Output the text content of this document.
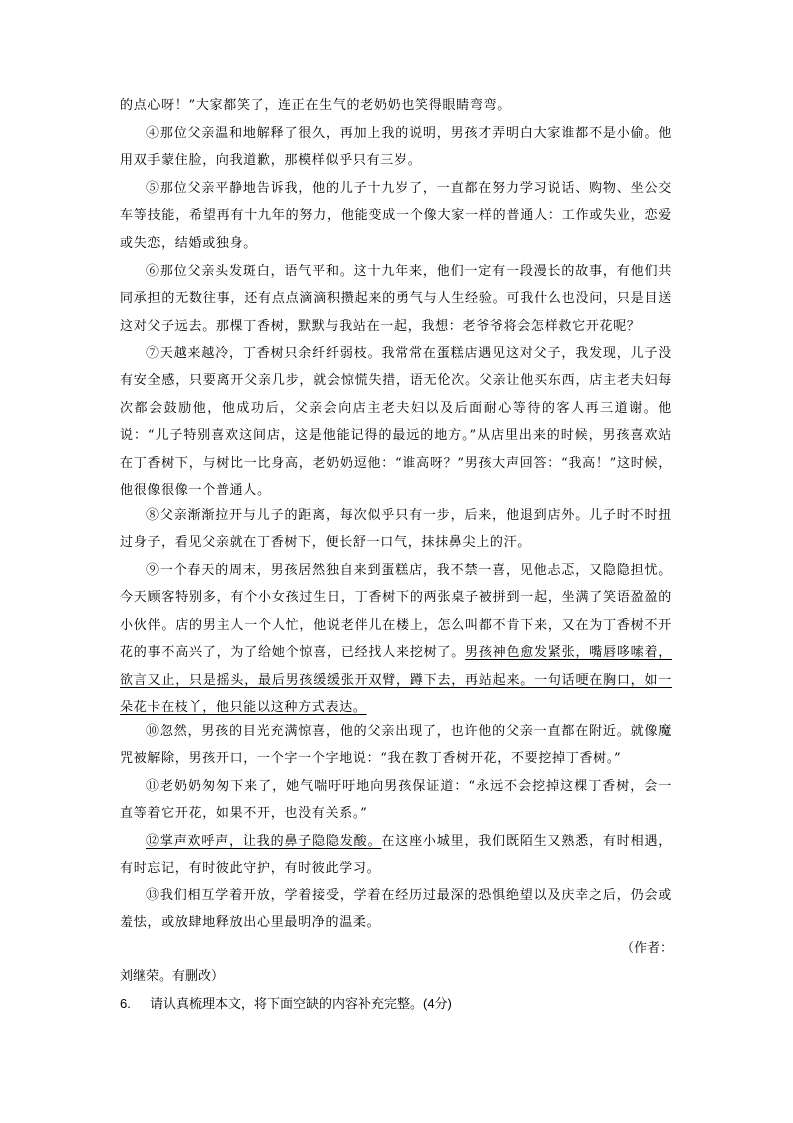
的点心呀！”大家都笑了，连正在生气的老奶奶也笑得眼睛弯弯。

④那位父亲温和地解释了很久，再加上我的说明，男孩才弄明白大家谁都不是小偷。他用双手蒙住脸，向我道歉，那模样似乎只有三岁。

⑤那位父亲平静地告诉我，他的儿子十九岁了，一直都在努力学习说话、购物、坐公交车等技能，希望再有十九年的努力，他能变成一个像大家一样的普通人：工作或失业，恋爱或失恋，结婚或独身。

⑥那位父亲头发斑白，语气平和。这十九年来，他们一定有一段漫长的故事，有他们共同承担的无数往事，还有点点滴滴积攒起来的勇气与人生经验。可我什么也没问，只是目送这对父子远去。那棵丁香树，默默与我站在一起，我想：老爷爷将会怎样救它开花呢？

⑦天越来越冷，丁香树只余纤纤弱枝。我常常在蛋糕店遇见这对父子，我发现，儿子没有安全感，只要离开父亲几步，就会惊慌失措，语无伦次。父亲让他买东西，店主老夫妇每次都会鼓励他，他成功后，父亲会向店主老夫妇以及后面耐心等待的客人再三道谢。他说：“儿子特别喜欢这间店，这是他能记得的最远的地方。”从店里出来的时候，男孩喜欢站在丁香树下，与树比一比身高，老奶奶逗他：“谁高呀？”男孩大声回答：“我高！”这时候，他很像很像一个普通人。

⑧父亲渐渐拉开与儿子的距离，每次似乎只有一步，后来，他退到店外。儿子时不时扭过身子，看见父亲就在丁香树下，便长舒一口气，抹抹鼻尖上的汗。

⑨一个春天的周末，男孩居然独自来到蛋糕店，我不禁一喜，见他忐忑，又隐隐担忧。今天顾客特别多，有个小女孩过生日，丁香树下的两张桌子被拼到一起，坐满了笑语盈盈的小伙伴。店的男主人一个人忙，他说老伴儿在楼上，怎么叫都不肯下来，又在为丁香树不开花的事不高兴了，为了给她个惊喜，已经找人来挖树了。男孩神色愈发紧张，嘴唇哆嗦着，欲言又止，只是摇头，最后男孩缓缓张开双臂，蹲下去，再站起来。一句话哽在胸口，如一朵花卡在枝丫，他只能以这种方式表达。

⑩忽然，男孩的目光充满惊喜，他的父亲出现了，也许他的父亲一直都在附近。就像魔咒被解除，男孩开口，一个字一个字地说：“我在教丁香树开花，不要挖掉丁香树。”

⑪老奶奶匆匆下来了，她气喘吁吁地向男孩保证道：“永远不会挖掉这棵丁香树，会一直等着它开花，如果不开，也没有关系。”

⑫掌声欢呼声，让我的鼻子隐隐发酸。在这座小城里，我们既陌生又熟悉，有时相遇，有时忘记，有时彼此守护，有时彼此学习。

⑬我们相互学着开放，学着接受，学着在经历过最深的恐惧绝望以及庆幸之后，仍会或羞怯，或放肆地释放出心里最明净的温柔。

（作者：
刘继荣。有删改）
6. 请认真梳理本文，将下面空缺的内容补充完整。(4分)
